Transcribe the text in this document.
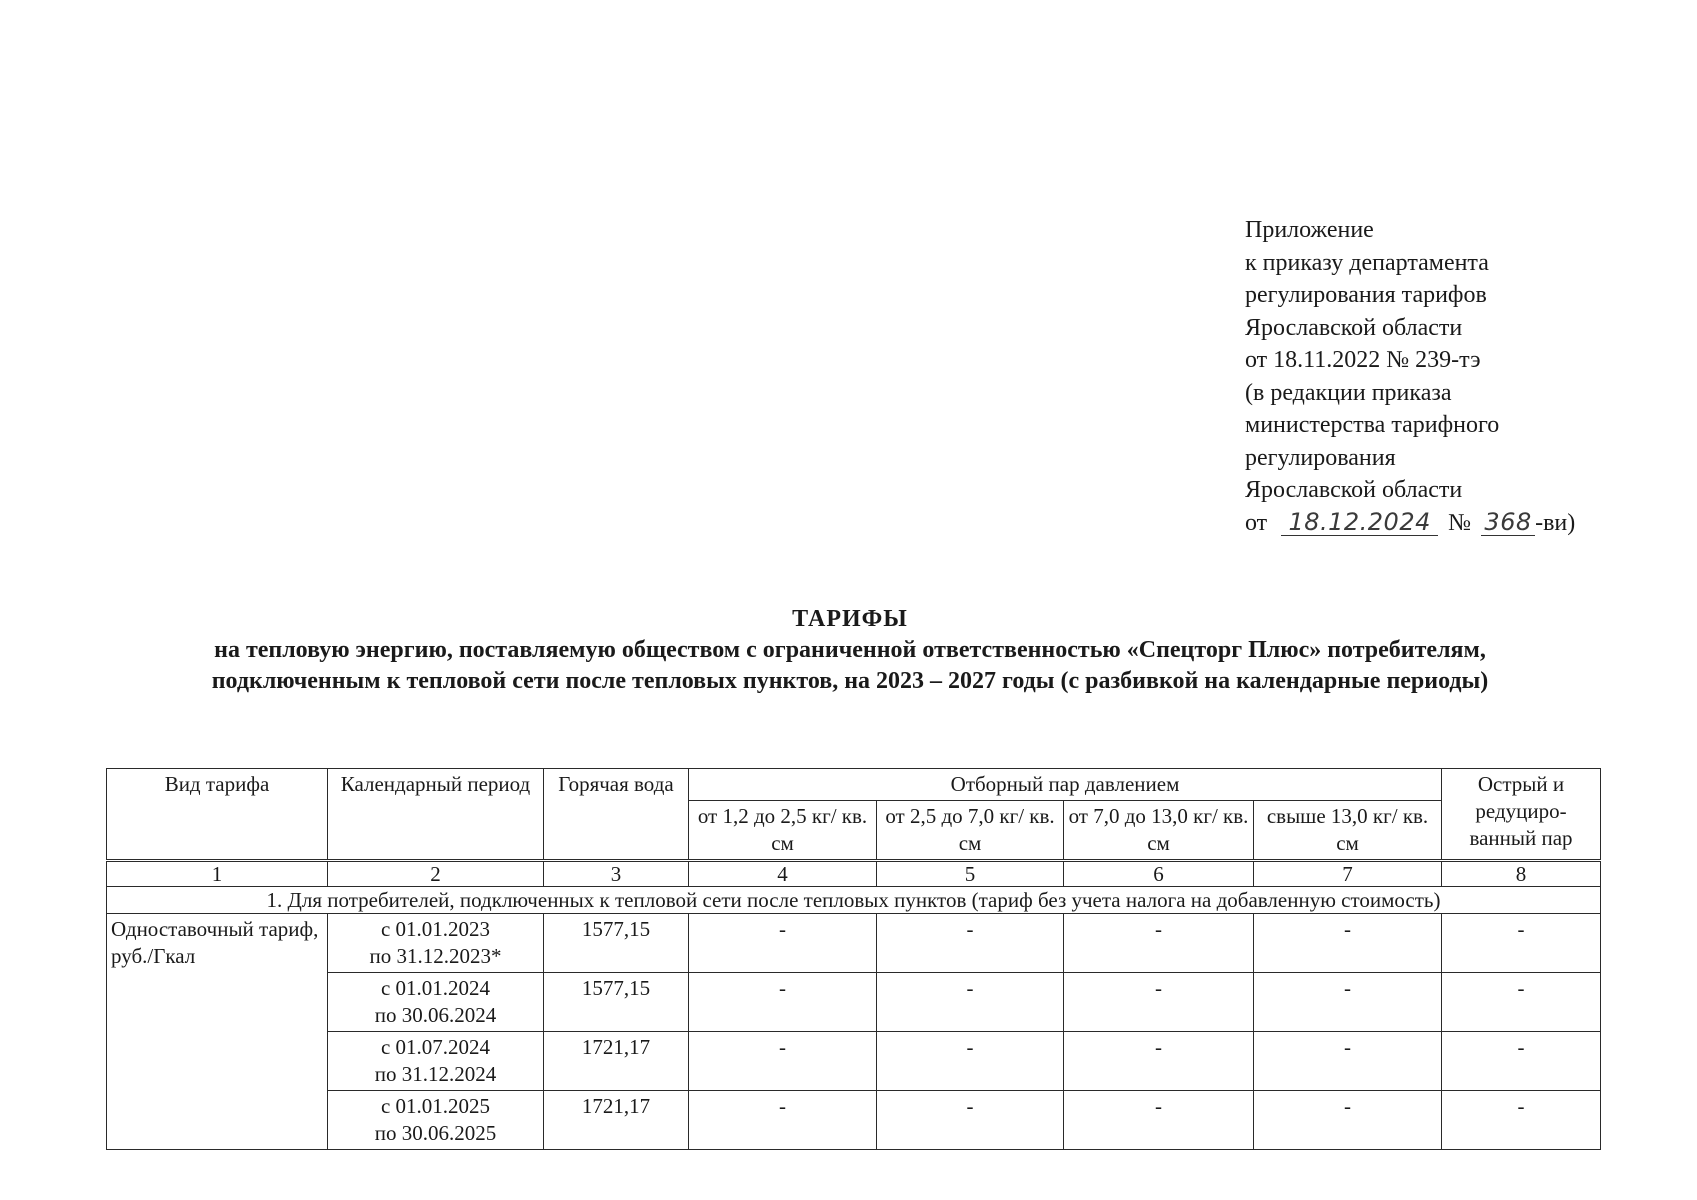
Приложение
к приказу департамента
регулирования тарифов
Ярославской области
от 18.11.2022 № 239-тэ
(в редакции приказа
министерства тарифного
регулирования
Ярославской области
от 18.12.2024 № 368 -ви)
ТАРИФЫ
на тепловую энергию, поставляемую обществом с ограниченной ответственностью «Спецторг Плюс» потребителям, подключенным к тепловой сети после тепловых пунктов, на 2023 – 2027 годы (с разбивкой на календарные периоды)
Вид тарифа	Календарный период	Горячая вода	Отборный пар давлением				Острый и редуциро-ванный пар
			от 1,2 до 2,5 кг/ кв. см	от 2,5 до 7,0 кг/ кв. см	от 7,0 до 13,0 кг/ кв. см	свыше 13,0 кг/ кв. см	
1	2	3	4	5	6	7	8
1. Для потребителей, подключенных к тепловой сети после тепловых пунктов (тариф без учета налога на добавленную стоимость)							
Одноставочный тариф, руб./Гкал	с 01.01.2023
по 31.12.2023*	1577,15	-	-	-	-	-

	с 01.01.2024
по 30.06.2024	1577,15	-	-	-	-	-

	с 01.07.2024
по 31.12.2024	1721,17	-	-	-	-	-

	с 01.01.2025
по 30.06.2025	1721,17	-	-	-	-	-
